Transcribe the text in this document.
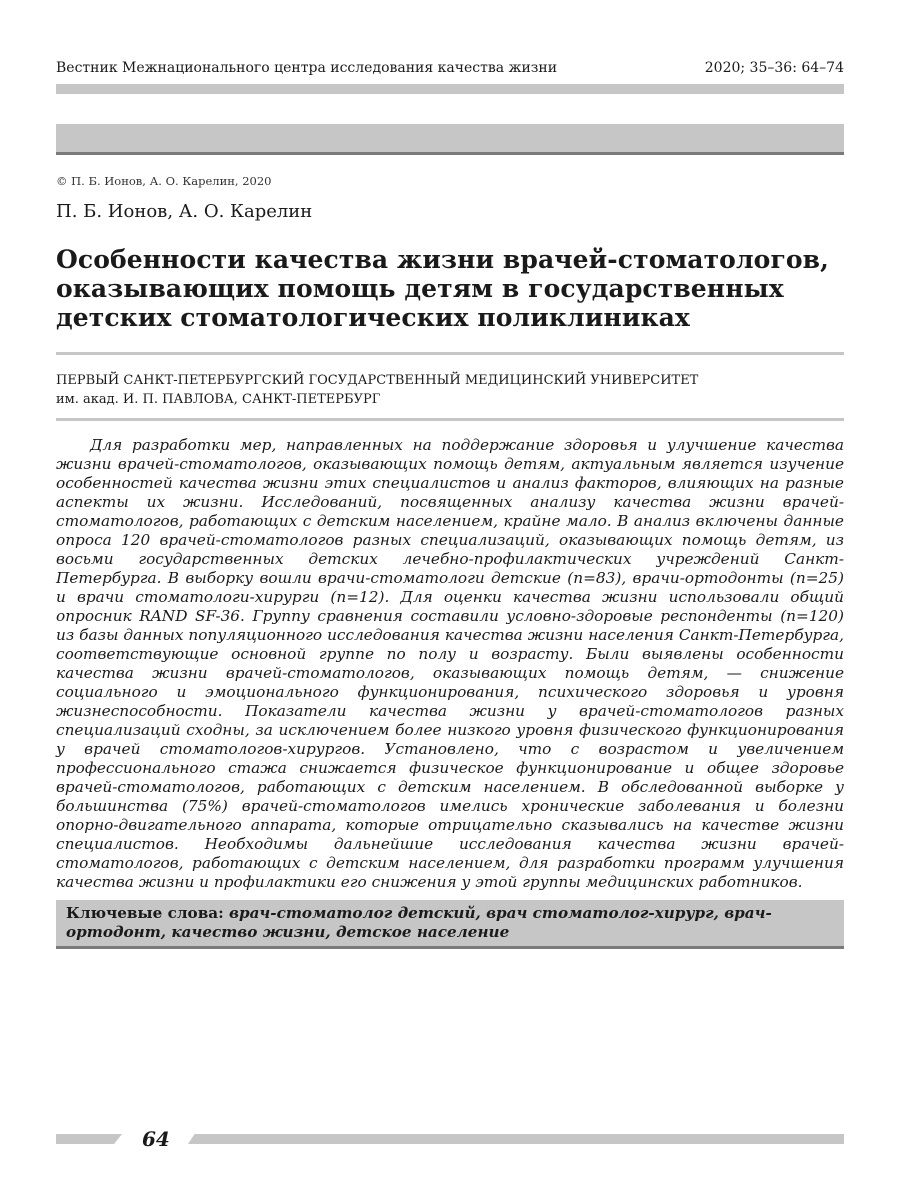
Вестник Межнационального центра исследования качества жизни	2020; 35–36: 64–74
© П. Б. Ионов, А. О. Карелин, 2020
П. Б. Ионов, А. О. Карелин
Особенности качества жизни врачей-стоматологов, оказывающих помощь детям в государственных детских стоматологических поликлиниках
ПЕРВЫЙ САНКТ-ПЕТЕРБУРГСКИЙ ГОСУДАРСТВЕННЫЙ МЕДИЦИНСКИЙ УНИВЕРСИТЕТ
им. акад. И. П. ПАВЛОВА, САНКТ-ПЕТЕРБУРГ

Для разработки мер, направленных на поддержание здоровья и улучшение качества жизни врачей-стоматологов, оказывающих помощь детям, актуальным является изучение особенностей качества жизни этих специалистов и анализ факторов, влияющих на разные аспекты их жизни. Исследований, посвященных анализу качества жизни врачей-стоматологов, работающих с детским населением, крайне мало. В анализ включены данные опроса 120 врачей-стоматологов разных специализаций, оказывающих помощь детям, из восьми государственных детских лечебно-профилактических учреждений Санкт-Петербурга. В выборку вошли врачи-стоматологи детские (n=83), врачи-ортодонты (n=25) и врачи стоматологи-хирурги (n=12). Для оценки качества жизни использовали общий опросник RAND SF-36. Группу сравнения составили условно-здоровые респонденты (n=120) из базы данных популяционного исследования качества жизни населения Санкт-Петербурга, соответствующие основной группе по полу и возрасту. Были выявлены особенности качества жизни врачей-стоматологов, оказывающих помощь детям, — снижение социального и эмоционального функционирования, психического здоровья и уровня жизнеспособности. Показатели качества жизни у врачей-стоматологов разных специализаций сходны, за исключением более низкого уровня физического функционирования у врачей стоматологов-хирургов. Установлено, что с возрастом и увеличением профессионального стажа снижается физическое функционирование и общее здоровье врачей-стоматологов, работающих с детским населением. В обследованной выборке у большинства (75%) врачей-стоматологов имелись хронические заболевания и болезни опорно-двигательного аппарата, которые отрицательно сказывались на качестве жизни специалистов. Необходимы дальнейшие исследования качества жизни врачей-стоматологов, работающих с детским населением, для разработки программ улучшения качества жизни и профилактики его снижения у этой группы медицинских работников.

Ключевые слова: врач-стоматолог детский, врач стоматолог-хирург, врач-ортодонт, качество жизни, детское население

64
